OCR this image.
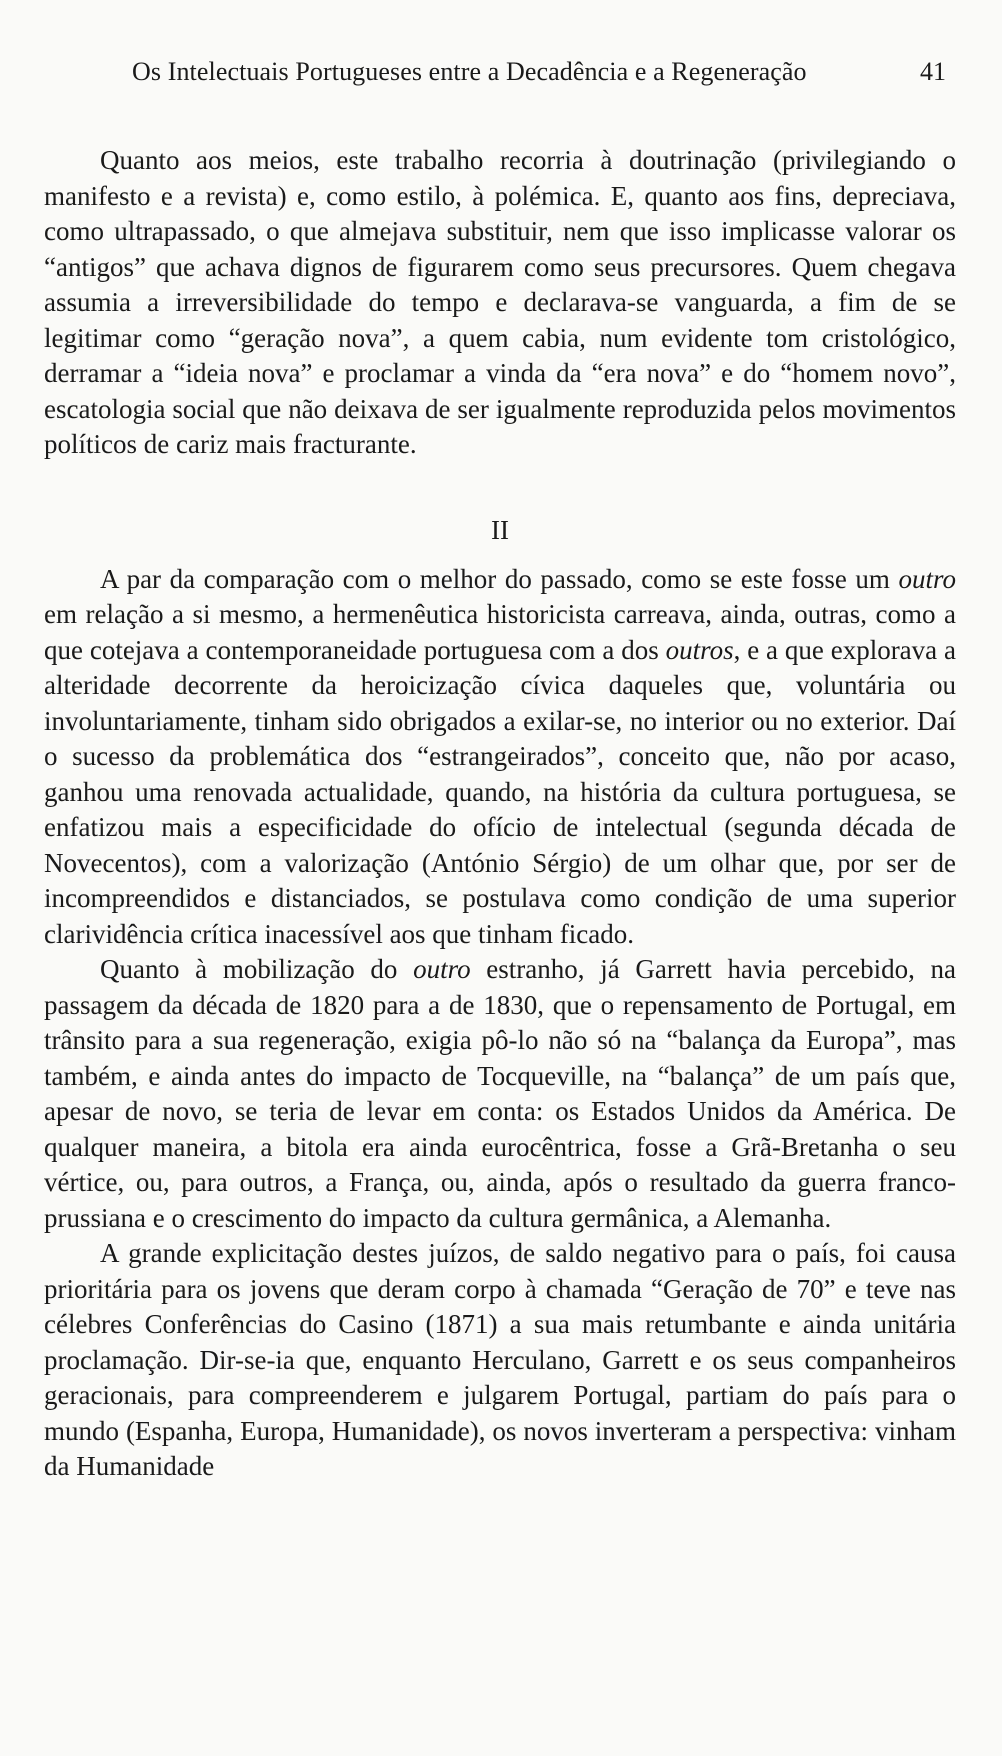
Os Intelectuais Portugueses entre a Decadência e a Regeneração	41

Quanto aos meios, este trabalho recorria à doutrinação (privilegiando o manifesto e a revista) e, como estilo, à polémica. E, quanto aos fins, depreciava, como ultrapassado, o que almejava substituir, nem que isso implicasse valorar os “antigos” que achava dignos de figurarem como seus precursores. Quem chegava assumia a irreversibilidade do tempo e declarava-se vanguarda, a fim de se legitimar como “geração nova”, a quem cabia, num evidente tom cristológico, derramar a “ideia nova” e proclamar a vinda da “era nova” e do “homem novo”, escatologia social que não deixava de ser igualmente reproduzida pelos movimentos políticos de cariz mais fracturante.

II

A par da comparação com o melhor do passado, como se este fosse um outro em relação a si mesmo, a hermenêutica historicista carreava, ainda, outras, como a que cotejava a contemporaneidade portuguesa com a dos outros, e a que explorava a alteridade decorrente da heroicização cívica daqueles que, voluntária ou involuntariamente, tinham sido obrigados a exilar-se, no interior ou no exterior. Daí o sucesso da problemática dos “estrangeirados”, conceito que, não por acaso, ganhou uma renovada actualidade, quando, na história da cultura portuguesa, se enfatizou mais a especificidade do ofício de intelectual (segunda década de Novecentos), com a valorização (António Sérgio) de um olhar que, por ser de incompreendidos e distanciados, se postulava como condição de uma superior clarividência crítica inacessível aos que tinham ficado.

Quanto à mobilização do outro estranho, já Garrett havia percebido, na passagem da década de 1820 para a de 1830, que o repensamento de Portugal, em trânsito para a sua regeneração, exigia pô-lo não só na “balança da Europa”, mas também, e ainda antes do impacto de Tocqueville, na “balança” de um país que, apesar de novo, se teria de levar em conta: os Estados Unidos da América. De qualquer maneira, a bitola era ainda eurocêntrica, fosse a Grã-Bretanha o seu vértice, ou, para outros, a França, ou, ainda, após o resultado da guerra franco-prussiana e o crescimento do impacto da cultura germânica, a Alemanha.

A grande explicitação destes juízos, de saldo negativo para o país, foi causa prioritária para os jovens que deram corpo à chamada “Geração de 70” e teve nas célebres Conferências do Casino (1871) a sua mais retumbante e ainda unitária proclamação. Dir-se-ia que, enquanto Herculano, Garrett e os seus companheiros geracionais, para compreenderem e julgarem Portugal, partiam do país para o mundo (Espanha, Europa, Humanidade), os novos inverteram a perspectiva: vinham da Humanidade
